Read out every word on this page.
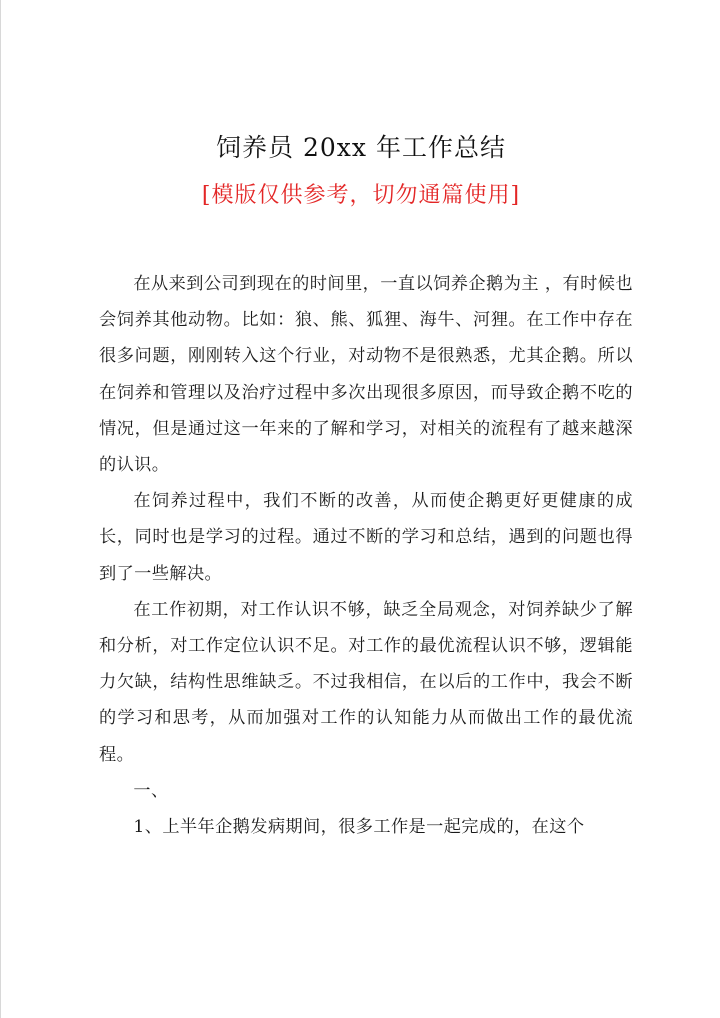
饲养员 20xx 年工作总结
[模版仅供参考，切勿通篇使用]

在从来到公司到现在的时间里，一直以饲养企鹅为主 ，有时候也会饲养其他动物。比如：狼、熊、狐狸、海牛、河狸。在工作中存在很多问题，刚刚转入这个行业，对动物不是很熟悉，尤其企鹅。所以在饲养和管理以及治疗过程中多次出现很多原因，而导致企鹅不吃的情况，但是通过这一年来的了解和学习，对相关的流程有了越来越深的认识。

在饲养过程中，我们不断的改善，从而使企鹅更好更健康的成长，同时也是学习的过程。通过不断的学习和总结，遇到的问题也得到了一些解决。

在工作初期，对工作认识不够，缺乏全局观念，对饲养缺少了解和分析，对工作定位认识不足。对工作的最优流程认识不够，逻辑能力欠缺，结构性思维缺乏。不过我相信，在以后的工作中，我会不断的学习和思考，从而加强对工作的认知能力从而做出工作的最优流程。

一、

1、上半年企鹅发病期间，很多工作是一起完成的，在这个
